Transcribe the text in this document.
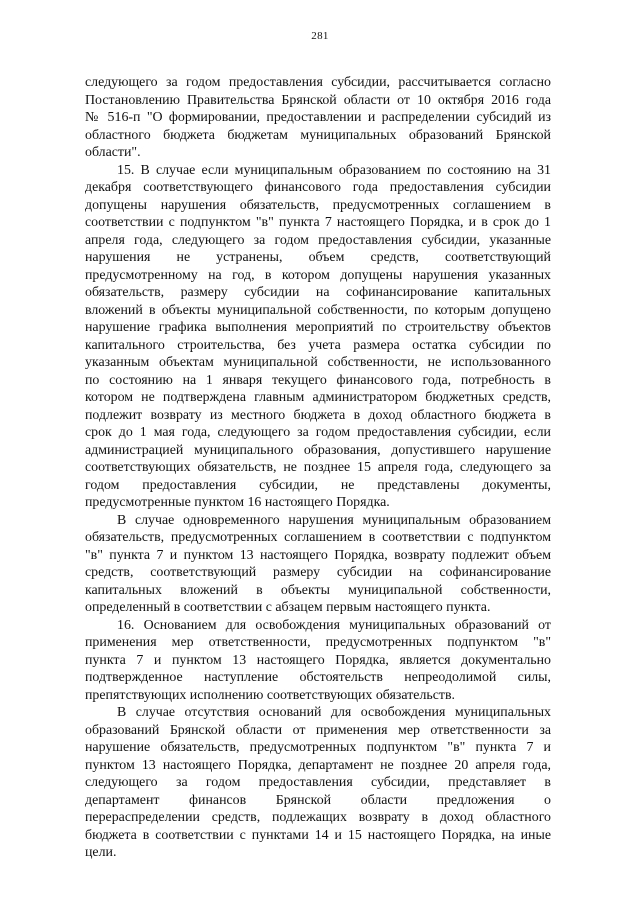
281
следующего за годом предоставления субсидии, рассчитывается согласно
Постановлению Правительства Брянской области от 10 октября 2016 года
№ 516-п "О формировании, предоставлении и распределении субсидий из
областного бюджета бюджетам муниципальных образований Брянской
области".
15. В случае если муниципальным образованием по состоянию на 31
декабря соответствующего финансового года предоставления субсидии
допущены нарушения обязательств, предусмотренных соглашением в
соответствии с подпунктом "в" пункта 7 настоящего Порядка, и в срок до 1
апреля года, следующего за годом предоставления субсидии, указанные
нарушения не устранены, объем средств, соответствующий
предусмотренному на год, в котором допущены нарушения указанных
обязательств, размеру субсидии на софинансирование капитальных
вложений в объекты муниципальной собственности, по которым допущено
нарушение графика выполнения мероприятий по строительству объектов
капитального строительства, без учета размера остатка субсидии по
указанным объектам муниципальной собственности, не использованного
по состоянию на 1 января текущего финансового года, потребность в
котором не подтверждена главным администратором бюджетных средств,
подлежит возврату из местного бюджета в доход областного бюджета в
срок до 1 мая года, следующего за годом предоставления субсидии, если
администрацией муниципального образования, допустившего нарушение
соответствующих обязательств, не позднее 15 апреля года, следующего за
годом предоставления субсидии, не представлены документы,
предусмотренные пунктом 16 настоящего Порядка.
В случае одновременного нарушения муниципальным образованием
обязательств, предусмотренных соглашением в соответствии с подпунктом
"в" пункта 7 и пунктом 13 настоящего Порядка, возврату подлежит объем
средств, соответствующий размеру субсидии на софинансирование
капитальных вложений в объекты муниципальной собственности,
определенный в соответствии с абзацем первым настоящего пункта.
16. Основанием для освобождения муниципальных образований от
применения мер ответственности, предусмотренных подпунктом "в"
пункта 7 и пунктом 13 настоящего Порядка, является документально
подтвержденное наступление обстоятельств непреодолимой силы,
препятствующих исполнению соответствующих обязательств.
В случае отсутствия оснований для освобождения муниципальных
образований Брянской области от применения мер ответственности за
нарушение обязательств, предусмотренных подпунктом "в" пункта 7 и
пунктом 13 настоящего Порядка, департамент не позднее 20 апреля года,
следующего за годом предоставления субсидии, представляет в
департамент финансов Брянской области предложения о
перераспределении средств, подлежащих возврату в доход областного
бюджета в соответствии с пунктами 14 и 15 настоящего Порядка, на иные
цели.
